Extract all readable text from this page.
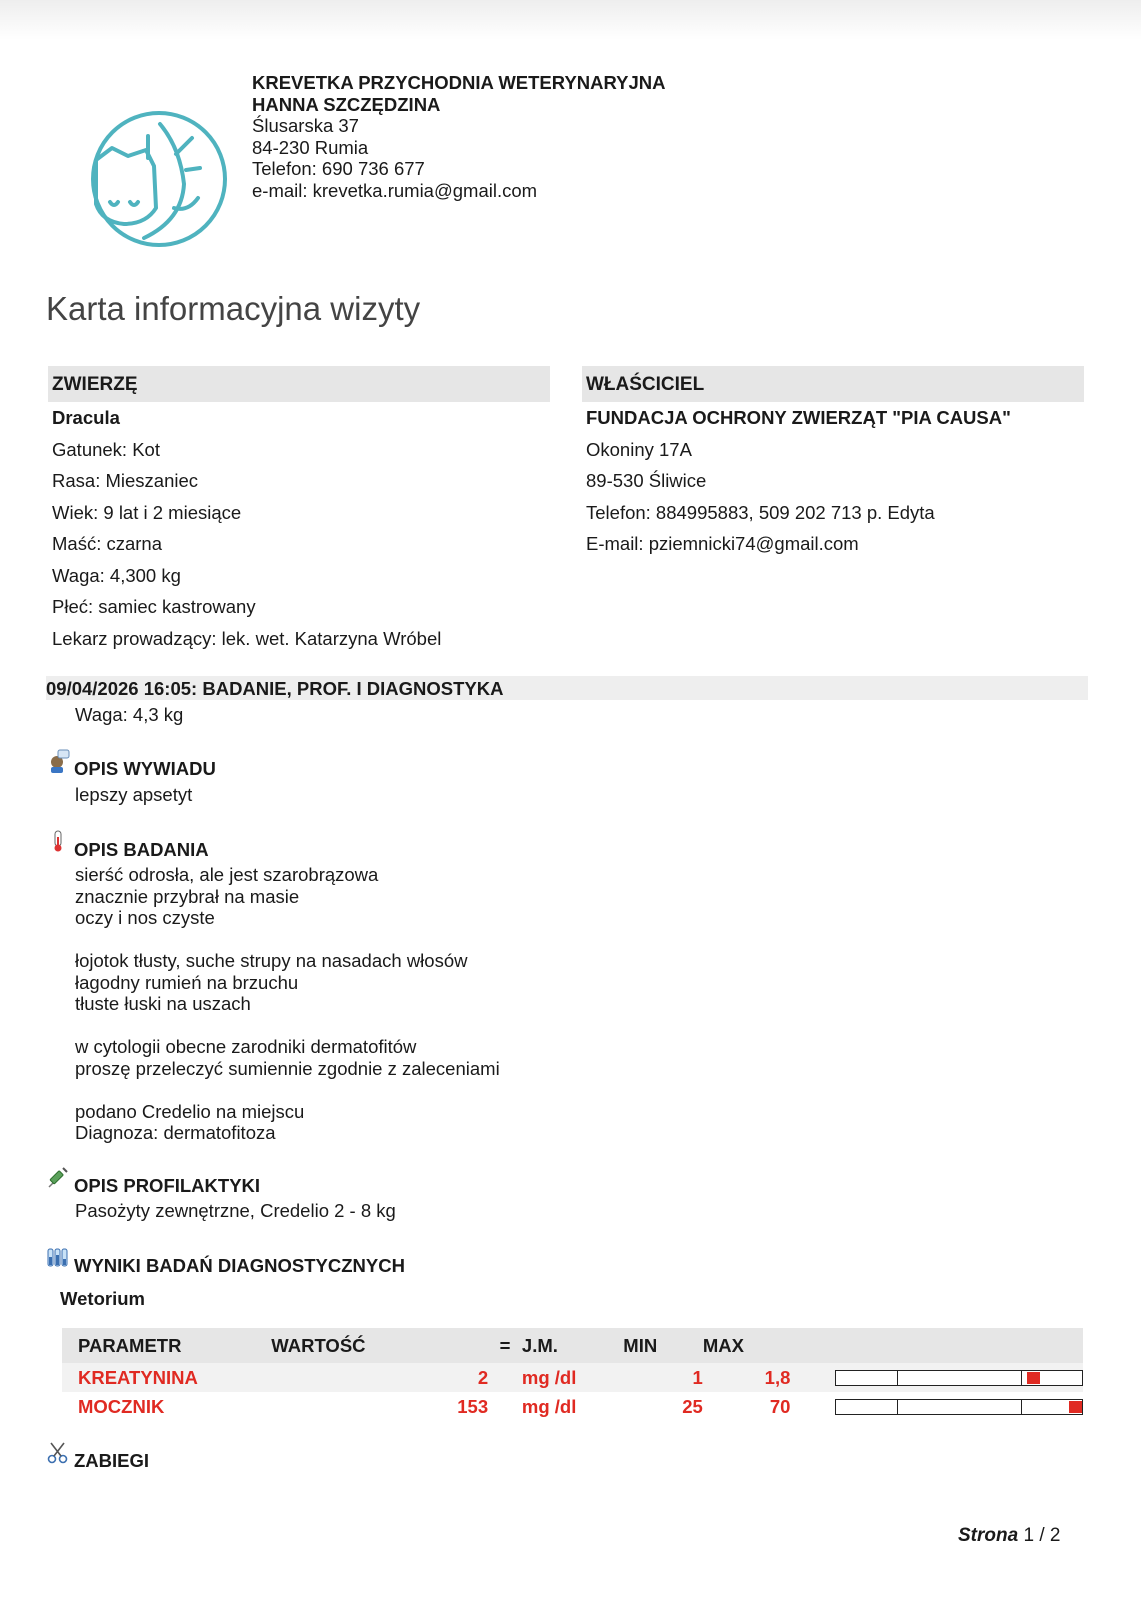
KREVETKA PRZYCHODNIA WETERYNARYJNA
HANNA SZCZĘDZINA
Ślusarska 37
84-230 Rumia
Telefon: 690 736 677
e-mail: krevetka.rumia@gmail.com
Karta informacyjna wizyty
ZWIERZĘ
Dracula
Gatunek: Kot
Rasa: Mieszaniec
Wiek: 9 lat i 2 miesiące
Maść: czarna
Waga: 4,300 kg
Płeć: samiec kastrowany
Lekarz prowadzący: lek. wet. Katarzyna Wróbel
WŁAŚCICIEL
FUNDACJA OCHRONY ZWIERZĄT "PIA CAUSA"
Okoniny 17A
89-530 Śliwice
Telefon: 884995883, 509 202 713 p. Edyta
E-mail: pziemnicki74@gmail.com
09/04/2026 16:05: BADANIE, PROF. I DIAGNOSTYKA
Waga: 4,3 kg
OPIS WYWIADU
lepszy apsetyt
OPIS BADANIA
sierść odrosła, ale jest szarobrązowa
znacznie przybrał na masie
oczy i nos czyste

łojotok tłusty, suche strupy na nasadach włosów
łagodny rumień na brzuchu
tłuste łuski na uszach

w cytologii obecne zarodniki dermatofitów
proszę przeleczyć sumiennie zgodnie z zaleceniami

podano Credelio na miejscu
Diagnoza: dermatofitoza
OPIS PROFILAKTYKI
Pasożyty zewnętrzne, Credelio 2 - 8 kg
WYNIKI BADAŃ DIAGNOSTYCZNYCH
Wetorium
PARAMETR	WARTOŚĆ	=	J.M.	MIN	MAX		
KREATYNINA	2		mg /dl	1	1,8		

MOCZNIK	153		mg /dl	25	70		
ZABIEGI
Strona 1 / 2
